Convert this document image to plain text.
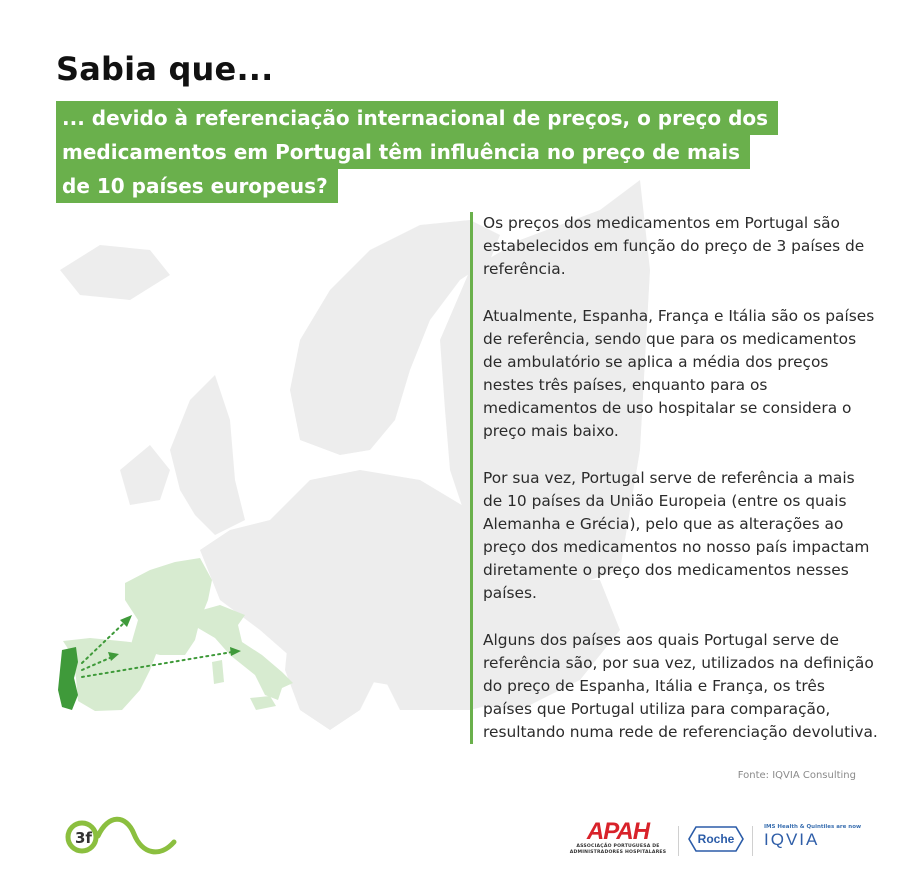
Sabia que...
... devido à referenciação internacional de preços, o preço dos
medicamentos em Portugal têm influência no preço de mais
de 10 países europeus?

Os preços dos medicamentos em Portugal são estabelecidos em função do preço de 3 países de referência.

Atualmente, Espanha, França e Itália são os países de referência, sendo que para os medicamentos de ambulatório se aplica a média dos preços nestes três países, enquanto para os medicamentos de uso hospitalar se considera o preço mais baixo.

Por sua vez, Portugal serve de referência a mais de 10 países da União Europeia (entre os quais Alemanha e Grécia), pelo que as alterações ao preço dos medicamentos no nosso país impactam diretamente o preço dos medicamentos nesses países.

Alguns dos países aos quais Portugal serve de referência são, por sua vez, utilizados na definição do preço de Espanha, Itália e França, os três países que Portugal utiliza para comparação, resultando numa rede de referenciação devolutiva.

Fonte: IQVIA Consulting
3f	APAH
ASSOCIAÇÃO PORTUGUESA DE ADMINISTRADORES HOSPITALARES
Roche
IMS Health & Quintiles are now
IQVIA
